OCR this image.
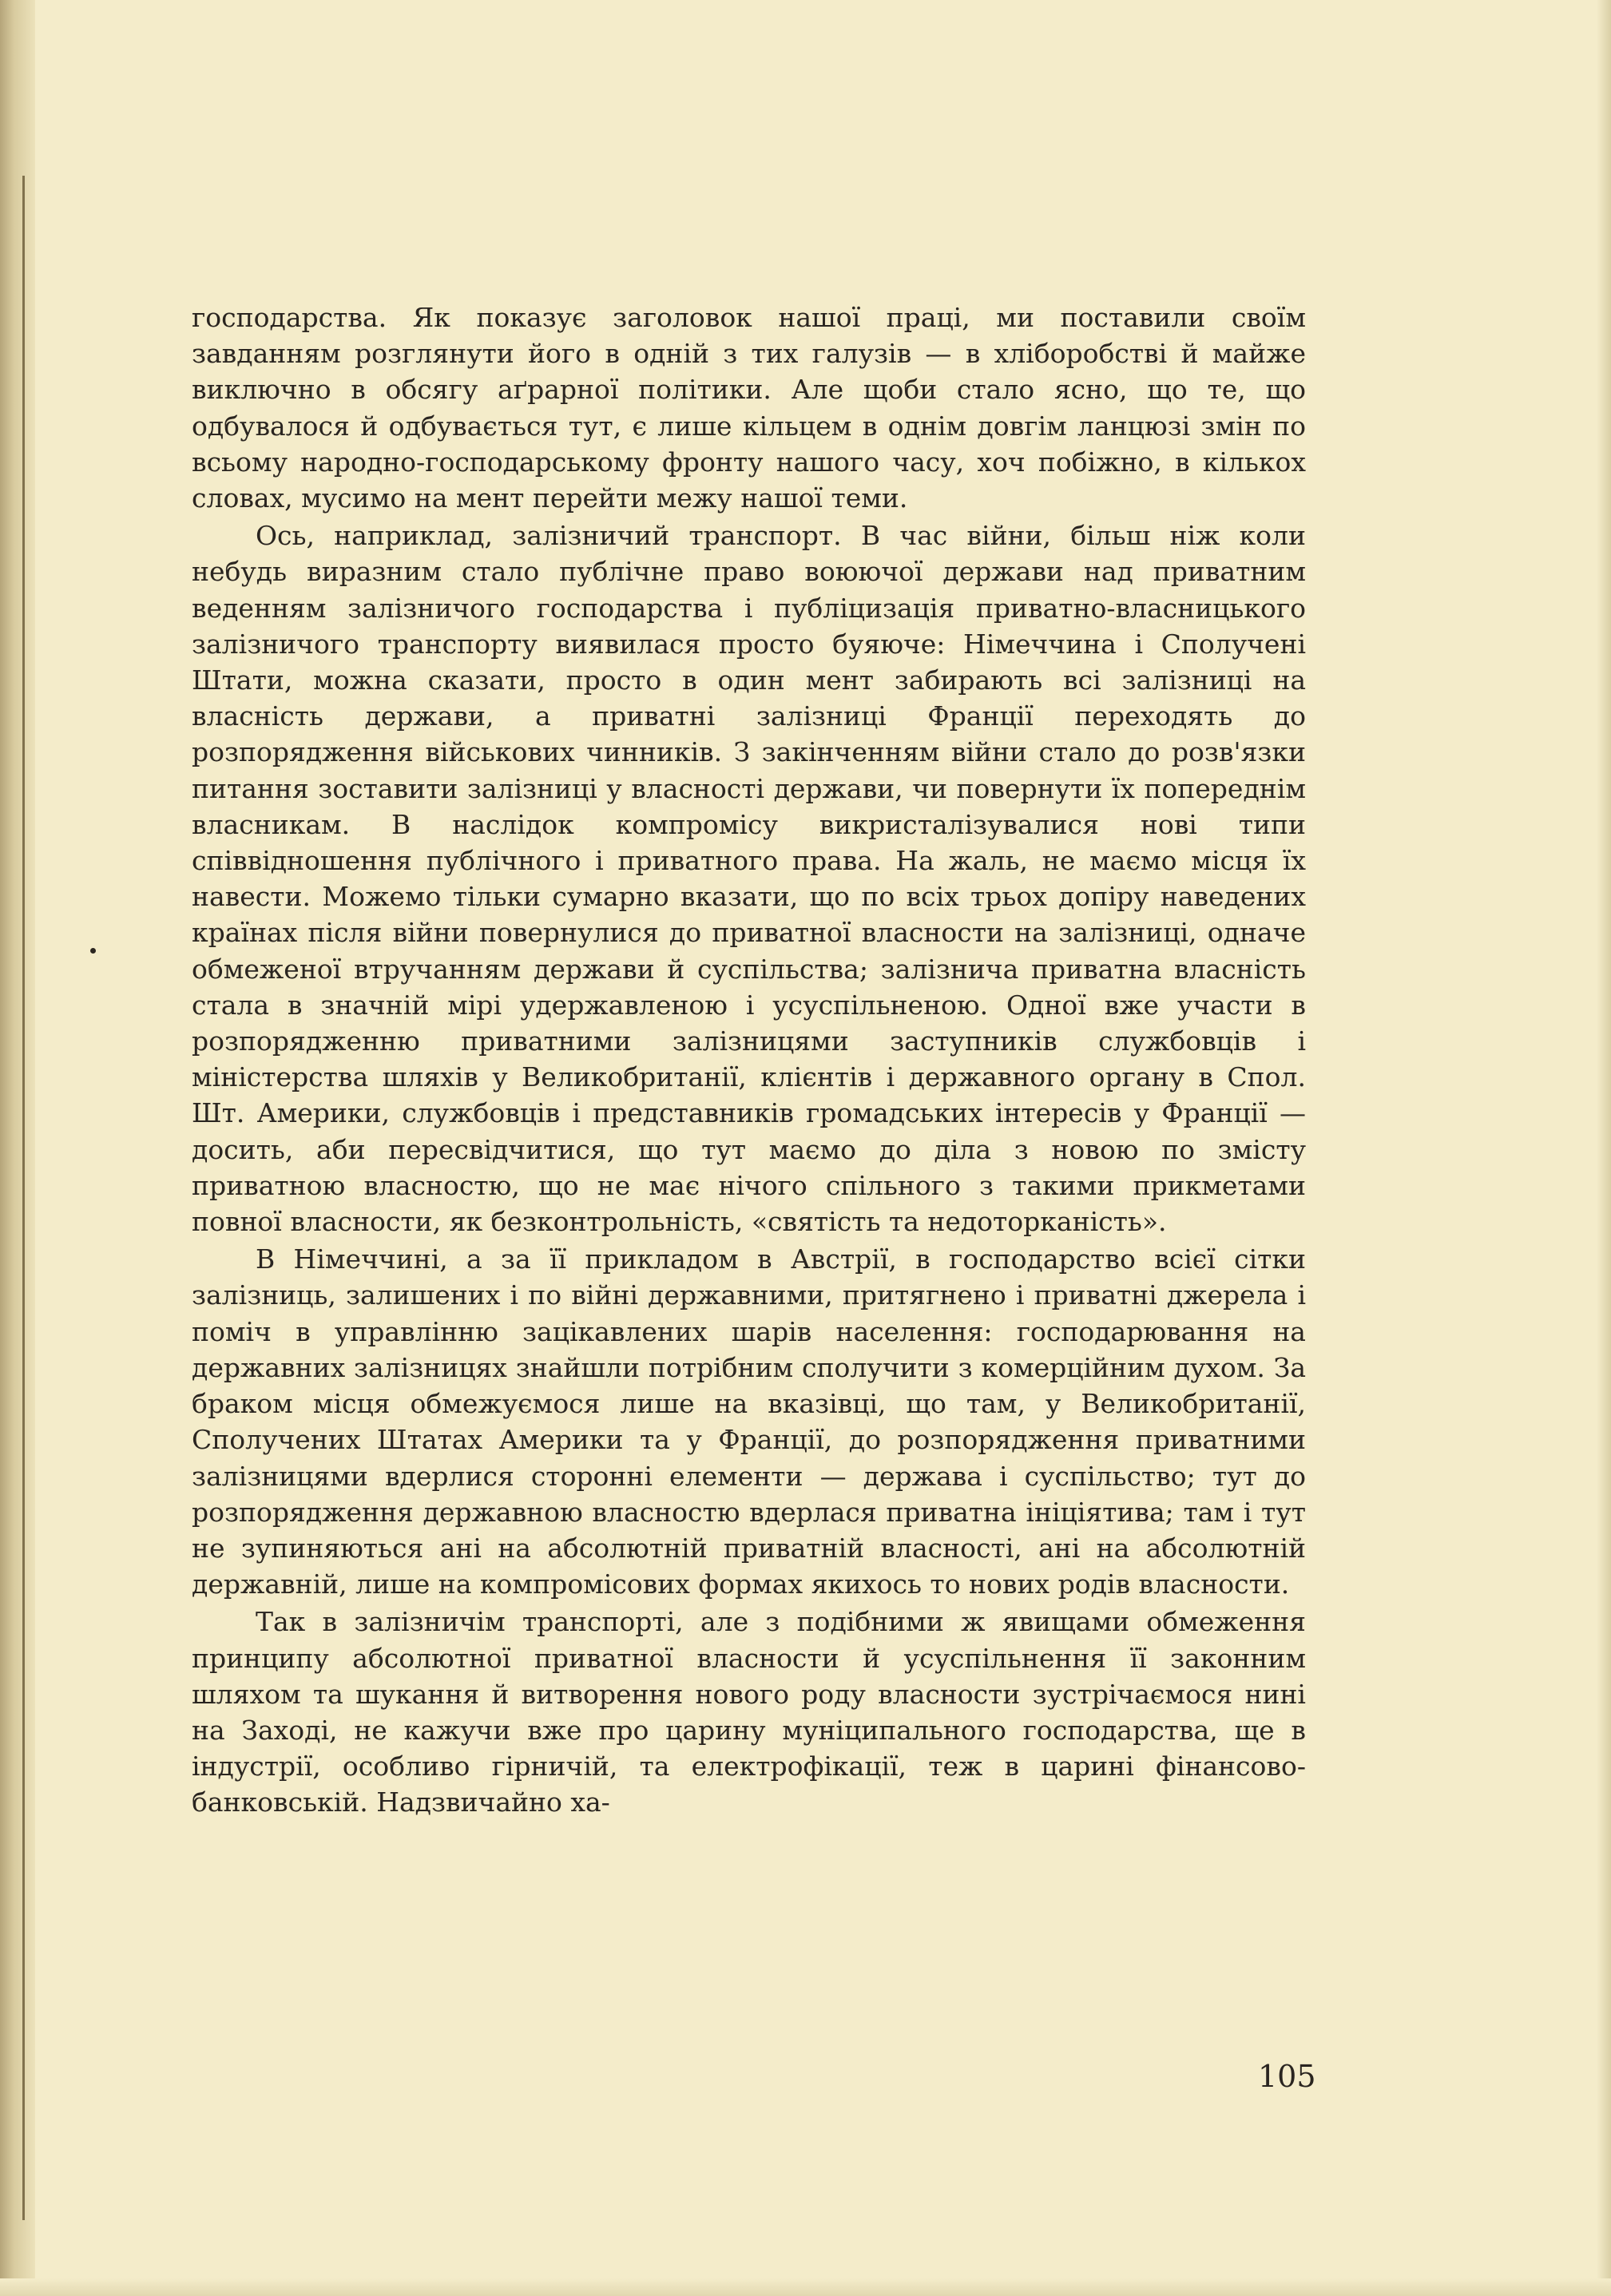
господарства. Як показує заголовок нашої праці, ми поставили своїм завданням розглянути його в одній з тих галузів — в хліборобстві й майже виключно в обсягу аґрарної політики. Але щоби стало ясно, що те, що одбувалося й одбувається тут, є лише кільцем в однім довгім ланцюзі змін по всьому народно-господарському фронту нашого часу, хоч побіжно, в кількох словах, мусимо на мент перейти межу нашої теми.

Ось, наприклад, залізничий транспорт. В час війни, більш ніж коли небудь виразним стало публічне право воюючої держави над приватним веденням залізничого господарства і публіцизація приватно-власницького залізничого транспорту виявилася просто буяюче: Німеччина і Сполучені Штати, можна сказати, просто в один мент забирають всі залізниці на власність держави, а приватні залізниці Франції переходять до розпорядження військових чинників. З закінченням війни стало до розв'язки питання зоставити залізниці у власності держави, чи повернути їх попереднім власникам. В наслідок компромісу викристалізувалися нові типи співвідношення публічного і приватного права. На жаль, не маємо місця їх навести. Можемо тільки сумарно вказати, що по всіх трьох допіру наведених країнах після війни повернулися до приватної власности на залізниці, одначе обмеженої втручанням держави й суспільства; залізнича приватна власність стала в значній мірі удержавленою і усуспільненою. Одної вже участи в розпорядженню приватними залізницями заступників службовців і міністерства шляхів у Великобританії, клієнтів і державного органу в Спол. Шт. Америки, службовців і представників громадських інтересів у Франції — досить, аби пересвідчитися, що тут маємо до діла з новою по змісту приватною власностю, що не має нічого спільного з такими прикметами повної власности, як безконтрольність, «святість та недоторканість».

В Німеччині, а за її прикладом в Австрії, в господарство всієї сітки залізниць, залишених і по війні державними, притягнено і приватні джерела і поміч в управлінню зацікавлених шарів населення: господарювання на державних залізницях знайшли потрібним сполучити з комерційним духом. За браком місця обмежуємося лише на вказівці, що там, у Великобританії, Сполучених Штатах Америки та у Франції, до розпорядження приватними залізницями вдерлися сторонні елементи — держава і суспільство; тут до розпорядження державною власностю вдерлася приватна ініціятива; там і тут не зупиняються ані на абсолютній приватній власності, ані на абсолютній державній, лише на компромісових формах якихось то нових родів власности.

Так в залізничім транспорті, але з подібними ж явищами обмеження принципу абсолютної приватної власности й усуспільнення її законним шляхом та шукання й витворення нового роду власности зустрічаємося нині на Заході, не кажучи вже про царину муніципального господарства, ще в індустрії, особливо гірничій, та електрофікації, теж в царині фінансово-банковській. Надзвичайно ха-

105
